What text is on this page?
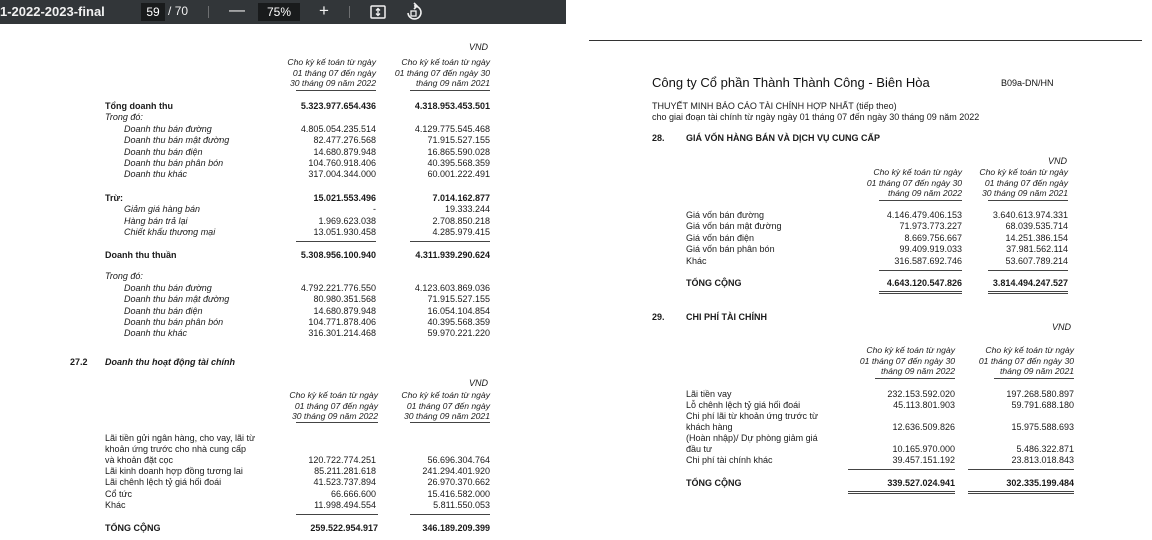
1-2022-2023-final	59 / 70	—	75%	+
VND
Cho kỳ kế toán từ ngày
01 tháng 07 đến ngày
30 tháng 09 năm 2022
Cho kỳ kế toán từ ngày
01 tháng 07 đến ngày 30
tháng 09 năm 2021
Tổng doanh thu	5.323.977.654.436	4.318.953.453.501
Trong đó:
Doanh thu bán đường	4.805.054.235.514	4.129.775.545.468
Doanh thu bán mật đường	82.477.276.568	71.915.527.155
Doanh thu bán điện	14.680.879.948	16.865.590.028
Doanh thu bán phân bón	104.760.918.406	40.395.568.359
Doanh thu khác	317.004.344.000	60.001.222.491
Trừ:	15.021.553.496	7.014.162.877
Giảm giá hàng bán	-	19.333.244
Hàng bán trả lại	1.969.623.038	2.708.850.218
Chiết khấu thương mại	13.051.930.458	4.285.979.415
Doanh thu thuần	5.308.956.100.940	4.311.939.290.624
Trong đó:
Doanh thu bán đường	4.792.221.776.550	4.123.603.869.036
Doanh thu bán mật đường	80.980.351.568	71.915.527.155
Doanh thu bán điện	14.680.879.948	16.054.104.854
Doanh thu bán phân bón	104.771.878.406	40.395.568.359
Doanh thu khác	316.301.214.468	59.970.221.220
27.2 Doanh thu hoạt động tài chính
VND
Cho kỳ kế toán từ ngày
01 tháng 07 đến ngày
30 tháng 09 năm 2022
Cho kỳ kế toán từ ngày
01 tháng 07 đến ngày
30 tháng 09 năm 2021
Lãi tiền gửi ngân hàng, cho vay, lãi từ
khoản ứng trước cho nhà cung cấp
và khoản đặt cọc	120.722.774.251	56.696.304.764
Lãi kinh doanh hợp đồng tương lai	85.211.281.618	241.294.401.920
Lãi chênh lệch tỷ giá hối đoái	41.523.737.894	26.970.370.662
Cổ tức	66.666.600	15.416.582.000
Khác	11.998.494.554	5.811.550.053
TỔNG CỘNG	259.522.954.917	346.189.209.399
Công ty Cổ phần Thành Thành Công - Biên Hòa	B09a-DN/HN
THUYẾT MINH BÁO CÁO TÀI CHÍNH HỢP NHẤT (tiếp theo)
cho giai đoạn tài chính từ ngày ngày 01 tháng 07 đến ngày 30 tháng 09 năm 2022
28. GIÁ VỐN HÀNG BÁN VÀ DỊCH VỤ CUNG CẤP
VND
Cho kỳ kế toán từ ngày
01 tháng 07 đến ngày 30
tháng 09 năm 2022
Cho kỳ kế toán từ ngày
01 tháng 07 đến ngày
30 tháng 09 năm 2021
Giá vốn bán đường	4.146.479.406.153	3.640.613.974.331
Giá vốn bán mật đường	71.973.773.227	68.039.535.714
Giá vốn bán điện	8.669.756.667	14.251.386.154
Giá vốn bán phân bón	99.409.919.033	37.981.562.114
Khác	316.587.692.746	53.607.789.214
TỔNG CỘNG	4.643.120.547.826	3.814.494.247.527
29. CHI PHÍ TÀI CHÍNH
VND
Cho kỳ kế toán từ ngày
01 tháng 07 đến ngày 30
tháng 09 năm 2022
Cho kỳ kế toán từ ngày
01 tháng 07 đến ngày 30
tháng 09 năm 2021
Lãi tiền vay	232.153.592.020	197.268.580.897
Lỗ chênh lệch tỷ giá hối đoái	45.113.801.903	59.791.688.180
Chi phí lãi từ khoản ứng trước từ
khách hàng	12.636.509.826	15.975.588.693
(Hoàn nhập)/ Dự phòng giảm giá
đầu tư	10.165.970.000	5.486.322.871
Chi phí tài chính khác	39.457.151.192	23.813.018.843
TỔNG CỘNG	339.527.024.941	302.335.199.484
